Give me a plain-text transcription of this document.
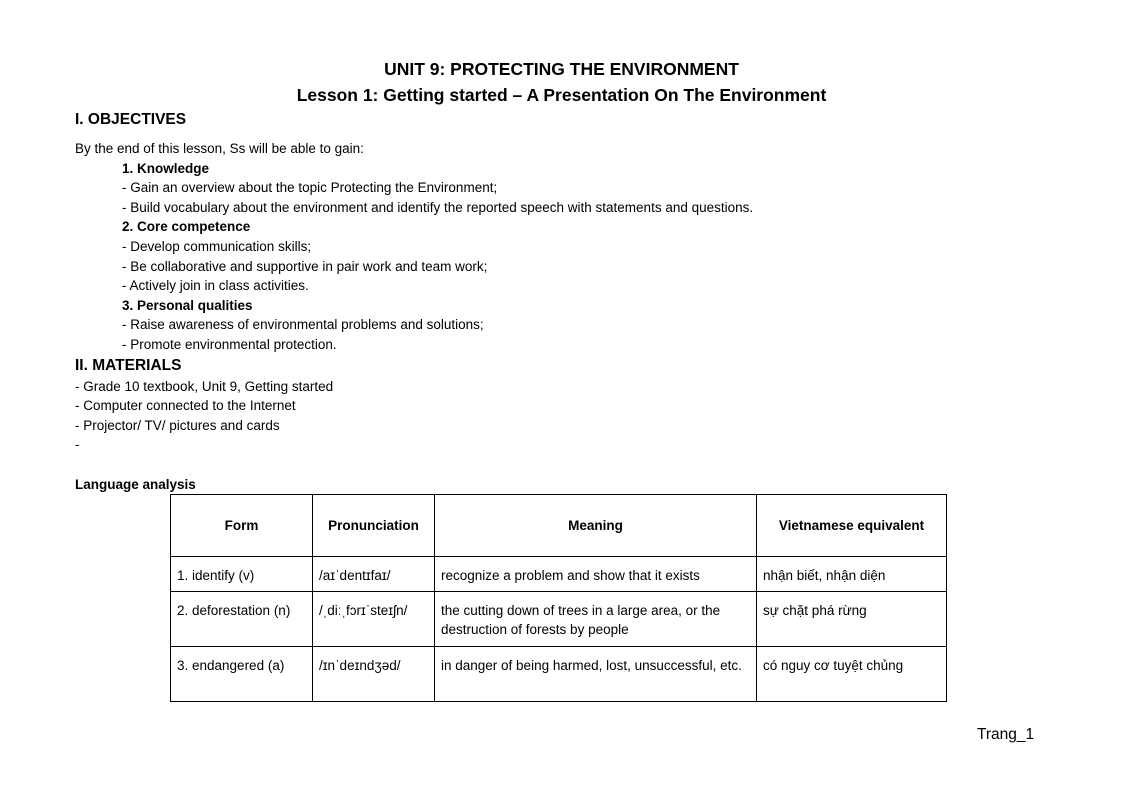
UNIT 9: PROTECTING THE ENVIRONMENT
Lesson 1: Getting started – A Presentation On The Environment
I. OBJECTIVES
By the end of this lesson, Ss will be able to gain:
1. Knowledge
- Gain an overview about the topic Protecting the Environment;
- Build vocabulary about the environment and identify the reported speech with statements and questions.
2. Core competence
- Develop communication skills;
- Be collaborative and supportive in pair work and team work;
- Actively join in class activities.
3. Personal qualities
- Raise awareness of environmental problems and solutions;
- Promote environmental protection.
II. MATERIALS
- Grade 10 textbook, Unit 9, Getting started
- Computer connected to the Internet
- Projector/ TV/ pictures and cards
-
Language analysis
Form	Pronunciation	Meaning	Vietnamese equivalent
1. identify (v)	/aɪˈdentɪfaɪ/	recognize a problem and show that it exists	nhận biết, nhận diện
2. deforestation (n)	/ˌdiːˌfɔrɪˈsteɪʃn/	the cutting down of trees in a large area, or the destruction of forests by people	sự chặt phá rừng
3. endangered (a)	/ɪnˈdeɪndʒəd/	in danger of being harmed, lost, unsuccessful, etc.	có nguy cơ tuyệt chủng
Trang_1
